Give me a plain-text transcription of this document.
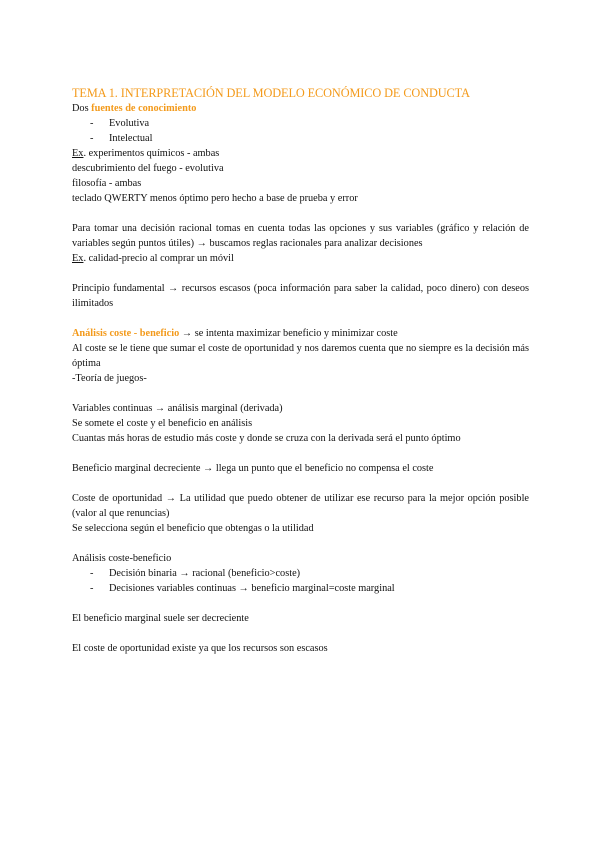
TEMA 1. INTERPRETACIÓN DEL MODELO ECONÓMICO DE CONDUCTA

Dos fuentes de conocimiento

- Evolutiva
- Intelectual

Ex. experimentos químicos - ambas

descubrimiento del fuego - evolutiva

filosofía - ambas

teclado QWERTY menos óptimo pero hecho a base de prueba y error

Para tomar una decisión racional tomas en cuenta todas las opciones y sus variables (gráfico y relación de variables según puntos útiles) → buscamos reglas racionales para analizar decisiones

Ex. calidad-precio al comprar un móvil

Principio fundamental → recursos escasos (poca información para saber la calidad, poco dinero) con deseos ilimitados

Análisis coste - beneficio → se intenta maximizar beneficio y minimizar coste

Al coste se le tiene que sumar el coste de oportunidad y nos daremos cuenta que no siempre es la decisión más óptima

-Teoría de juegos-

Variables continuas → análisis marginal (derivada)

Se somete el coste y el beneficio en análisis

Cuantas más horas de estudio más coste y donde se cruza con la derivada será el punto óptimo

Beneficio marginal decreciente → llega un punto que el beneficio no compensa el coste

Coste de oportunidad → La utilidad que puedo obtener de utilizar ese recurso para la mejor opción posible (valor al que renuncias)

Se selecciona según el beneficio que obtengas o la utilidad

Análisis coste-beneficio

- Decisión binaria → racional (beneficio>coste)
- Decisiones variables continuas → beneficio marginal=coste marginal

El beneficio marginal suele ser decreciente

El coste de oportunidad existe ya que los recursos son escasos
